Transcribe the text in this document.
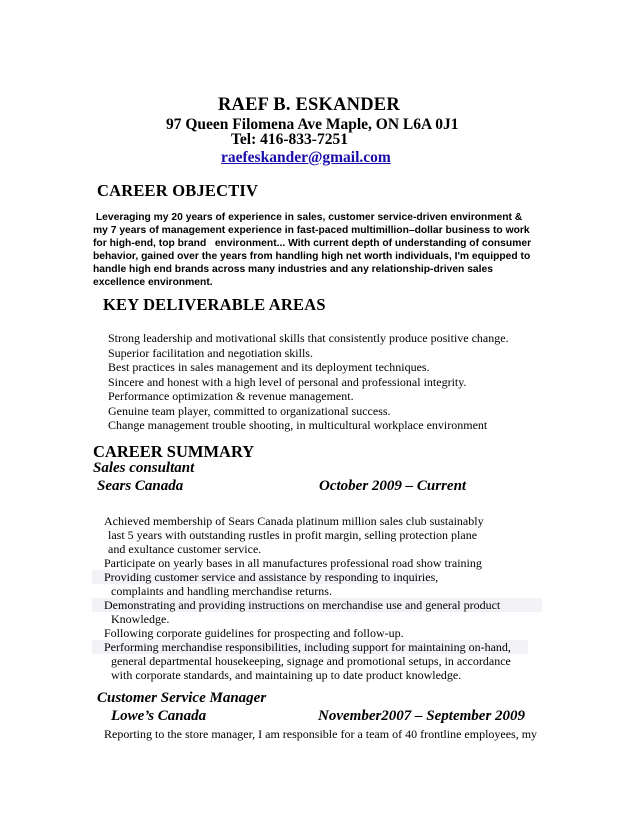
RAEF B. ESKANDER
97 Queen Filomena Ave Maple, ON L6A 0J1
Tel: 416-833-7251
raefeskander@gmail.com
CAREER OBJECTIV
Leveraging my 20 years of experience in sales, customer service-driven environment &
my 7 years of management experience in fast-paced multimillion–dollar business to work
for high-end, top brand   environment... With current depth of understanding of consumer
behavior, gained over the years from handling high net worth individuals, I'm equipped to
handle high end brands across many industries and any relationship-driven sales
excellence environment.
KEY DELIVERABLE AREAS
Strong leadership and motivational skills that consistently produce positive change.
Superior facilitation and negotiation skills.
Best practices in sales management and its deployment techniques.
Sincere and honest with a high level of personal and professional integrity.
Performance optimization & revenue management.
Genuine team player, committed to organizational success.
Change management trouble shooting, in multicultural workplace environment
CAREER SUMMARY
Sales consultant
Sears Canada	October 2009 – Current
Achieved membership of Sears Canada platinum million sales club sustainably
last 5 years with outstanding rustles in profit margin, selling protection plane
and exultance customer service.
Participate on yearly bases in all manufactures professional road show training
Providing customer service and assistance by responding to inquiries,
complaints and handling merchandise returns.
Demonstrating and providing instructions on merchandise use and general product
Knowledge.
Following corporate guidelines for prospecting and follow-up.
Performing merchandise responsibilities, including support for maintaining on-hand,
general departmental housekeeping, signage and promotional setups, in accordance
with corporate standards, and maintaining up to date product knowledge.
Customer Service Manager
Lowe’s Canada	November2007 – September 2009
Reporting to the store manager, I am responsible for a team of 40 frontline employees, my
